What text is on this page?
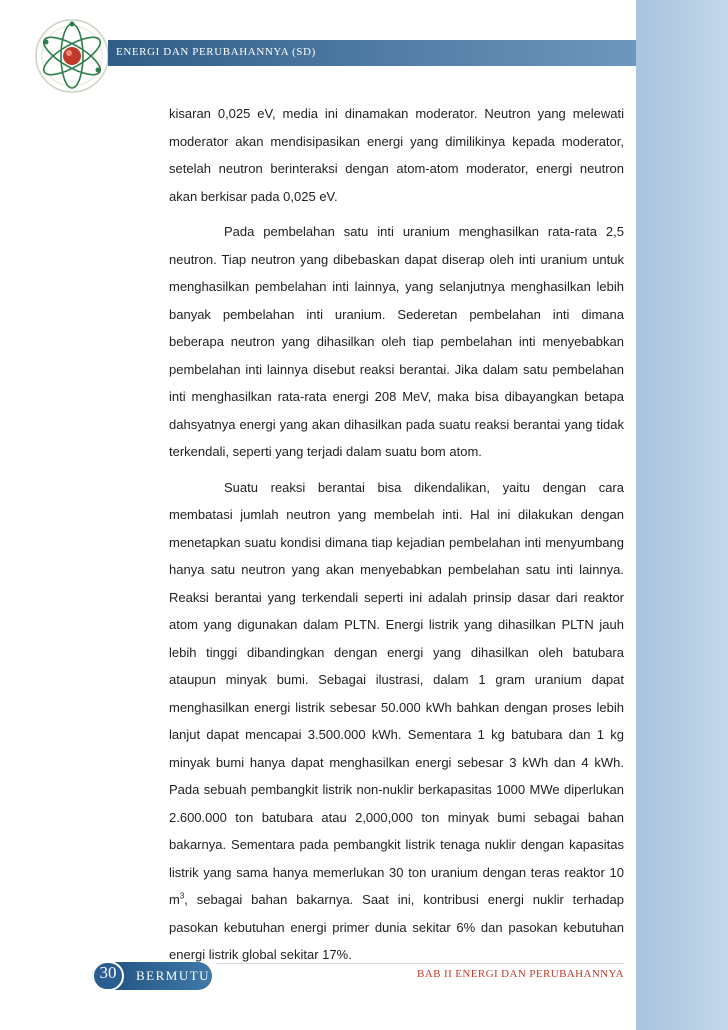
ENERGI DAN PERUBAHANNYA (SD)

kisaran 0,025 eV, media ini dinamakan moderator. Neutron yang melewati moderator akan mendisipasikan energi yang dimilikinya kepada moderator, setelah neutron berinteraksi dengan atom-atom moderator, energi neutron akan berkisar pada 0,025 eV.

Pada pembelahan satu inti uranium menghasilkan rata-rata 2,5 neutron. Tiap neutron yang dibebaskan dapat diserap oleh inti uranium untuk menghasilkan pembelahan inti lainnya, yang selanjutnya menghasilkan lebih banyak pembelahan inti uranium. Sederetan pembelahan inti dimana beberapa neutron yang dihasilkan oleh tiap pembelahan inti menyebabkan pembelahan inti lainnya disebut reaksi berantai. Jika dalam satu pembelahan inti menghasilkan rata-rata energi 208 MeV, maka bisa dibayangkan betapa dahsyatnya energi yang akan dihasilkan pada suatu reaksi berantai yang tidak terkendali, seperti yang terjadi dalam suatu bom atom.

Suatu reaksi berantai bisa dikendalikan, yaitu dengan cara membatasi jumlah neutron yang membelah inti. Hal ini dilakukan dengan menetapkan suatu kondisi dimana tiap kejadian pembelahan inti menyumbang hanya satu neutron yang akan menyebabkan pembelahan satu inti lainnya. Reaksi berantai yang terkendali seperti ini adalah prinsip dasar dari reaktor atom yang digunakan dalam PLTN. Energi listrik yang dihasilkan PLTN jauh lebih tinggi dibandingkan dengan energi yang dihasilkan oleh batubara ataupun minyak bumi. Sebagai ilustrasi, dalam 1 gram uranium dapat menghasilkan energi listrik sebesar 50.000 kWh bahkan dengan proses lebih lanjut dapat mencapai 3.500.000 kWh. Sementara 1 kg batubara dan 1 kg minyak bumi hanya dapat menghasilkan energi sebesar 3 kWh dan 4 kWh. Pada sebuah pembangkit listrik non-nuklir berkapasitas 1000 MWe diperlukan 2.600.000 ton batubara atau 2,000,000 ton minyak bumi sebagai bahan bakarnya. Sementara pada pembangkit listrik tenaga nuklir dengan kapasitas listrik yang sama hanya memerlukan 30 ton uranium dengan teras reaktor 10 $m^3$, sebagai bahan bakarnya. Saat ini, kontribusi energi nuklir terhadap pasokan kebutuhan energi primer dunia sekitar 6% dan pasokan kebutuhan energi listrik global sekitar 17%.

30	BERMUTU	BAB II ENERGI DAN PERUBAHANNYA
